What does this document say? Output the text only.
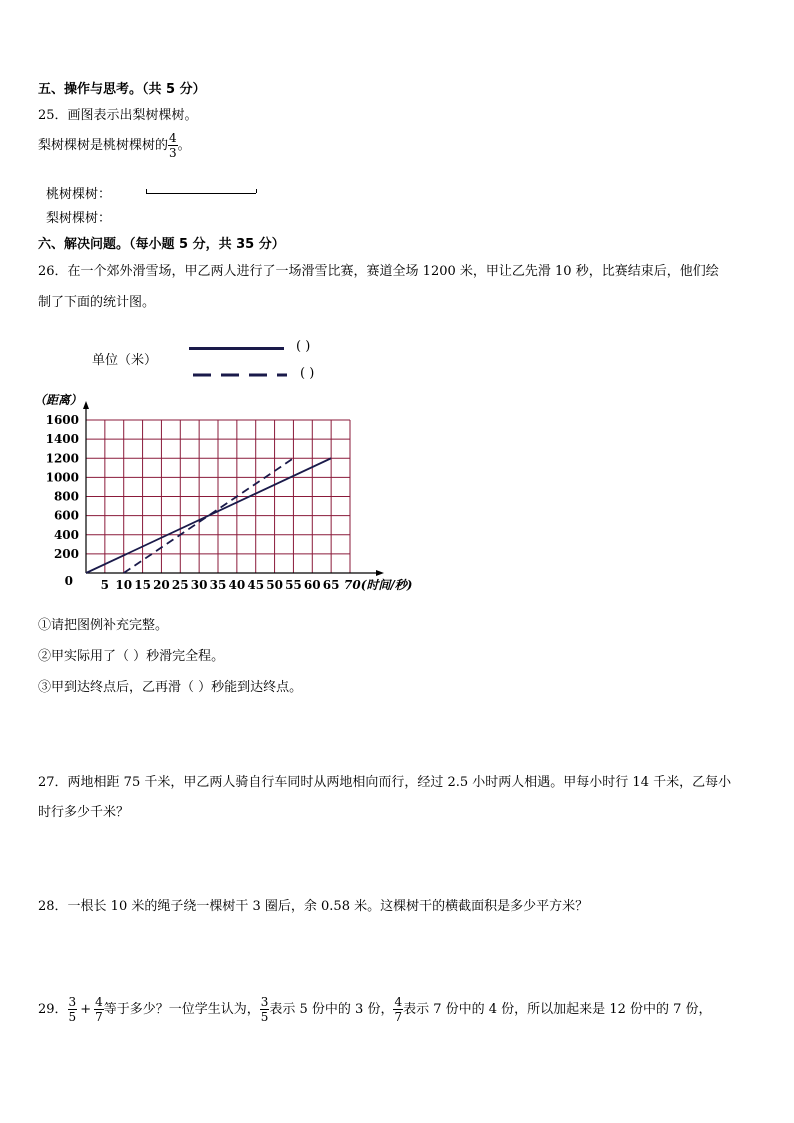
五、操作与思考。（共 5 分）
25．画图表示出梨树棵树。
梨树棵树是桃树棵树的 $\frac{4}{3}$ 。
桃树棵树：
梨树棵树：
六、解决问题。（每小题 5 分，共 35 分）
26．在一个郊外滑雪场，甲乙两人进行了一场滑雪比赛，赛道全场 1200 米，甲让乙先滑 10 秒，比赛结束后，他们绘
制了下面的统计图。
单位（米）
( )
( )
1600
1400
1200
1000
800
600
400
200
0 5 10 15 20 25 30 35 40 45 50 55 60 65 70(时间/秒)
（距离）
①请把图例补充完整。
②甲实际用了（ ）秒滑完全程。
③甲到达终点后，乙再滑（ ）秒能到达终点。
27．两地相距 75 千米，甲乙两人骑自行车同时从两地相向而行，经过 2.5 小时两人相遇。甲每小时行 14 千米，乙每小
时行多少千米？
28．一根长 10 米的绳子绕一棵树干 3 圈后，余 0.58 米。这棵树干的横截面积是多少平方米？
29． $\frac{3}{5} + \frac{4}{7}$ 等于多少？一位学生认为， $\frac{3}{5}$ 表示 5 份中的 3 份， $\frac{4}{7}$ 表示 7 份中的 4 份，所以加起来是 12 份中的 7 份，
